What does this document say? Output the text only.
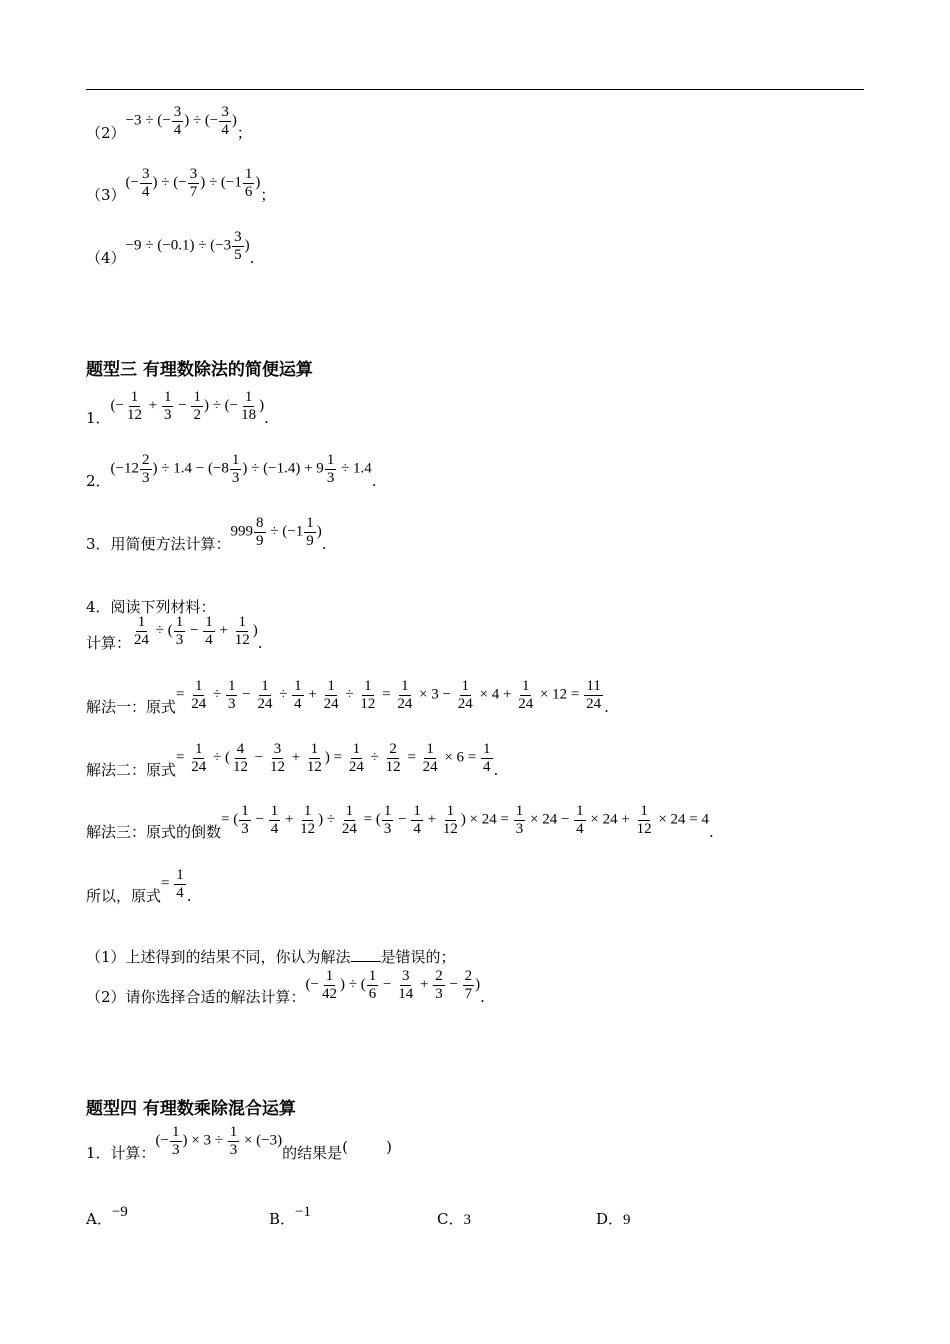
（2）−3 ÷ (− $\frac{3}{4}$ ) ÷ (− $\frac{3}{4}$ )；
$(3)(- \frac{3}{4}$ ) ÷ (− $\frac{3}{7}$ ) ÷ ($-1 \frac{1}{6}$ )；
$(4)-9 \div (-0.1) \div (-3 \frac{3}{5}$ ).
题型三 有理数除法的简便运算
1．(− $\frac{1}{12} + \frac{1}{3} - \frac{1}{2}$ ) ÷ (− $\frac{1}{18}$ ).
2．($-12 \frac{2}{3}$ ) ÷ $1.4 - (-8 \frac{1}{3}$ ) ÷ $(-1.4) + 9 \frac{1}{3} \div 1.4$.
3．用简便方法计算：$999 \frac{8}{9} \div (-1 \frac{1}{9}$ ).
4．阅读下列材料：
计算： $\frac{1}{24}$ ÷ ( $\frac{1}{3} - \frac{1}{4} + \frac{1}{12}$ ).
解法一：原式= $\frac{1}{24} \div \frac{1}{3} - \frac{1}{24} \div \frac{1}{4} + \frac{1}{24} \div \frac{1}{12} = \frac{1}{24} \times 3 - \frac{1}{24} \times 4 + \frac{1}{24} \times 12 = \frac{11}{24}$ .
解法二：原式= $\frac{1}{24}$ ÷ ( $\frac{4}{12} - \frac{3}{12} + \frac{1}{12}$ ) = $\frac{1}{24} \div \frac{2}{12} = \frac{1}{24} \times 6 = \frac{1}{4}$ .
解法三：原式的倒数= ( $\frac{1}{3} - \frac{1}{4} + \frac{1}{12}$ ) ÷ $\frac{1}{24}$ = ( $\frac{1}{3} - \frac{1}{4} + \frac{1}{12}$ ) × $24 = \frac{1}{3} \times 24 - \frac{1}{4} \times 24 + \frac{1}{12} \times 24 = 4$.
所以，原式= $\frac{1}{4}$ .
（1）上述得到的结果不同，你认为解法 是错误的；
（2）请你选择合适的解法计算：(− $\frac{1}{42}$ ) ÷ ( $\frac{1}{6} - \frac{3}{14} + \frac{2}{3} - \frac{2}{7}$ ).
题型四 有理数乘除混合运算
1．计算：(− $\frac{1}{3}$ ) × $3 \div \frac{1}{3} \times (-3)$的结果是(        )
A．−9	B．−1	C．3	D．9
